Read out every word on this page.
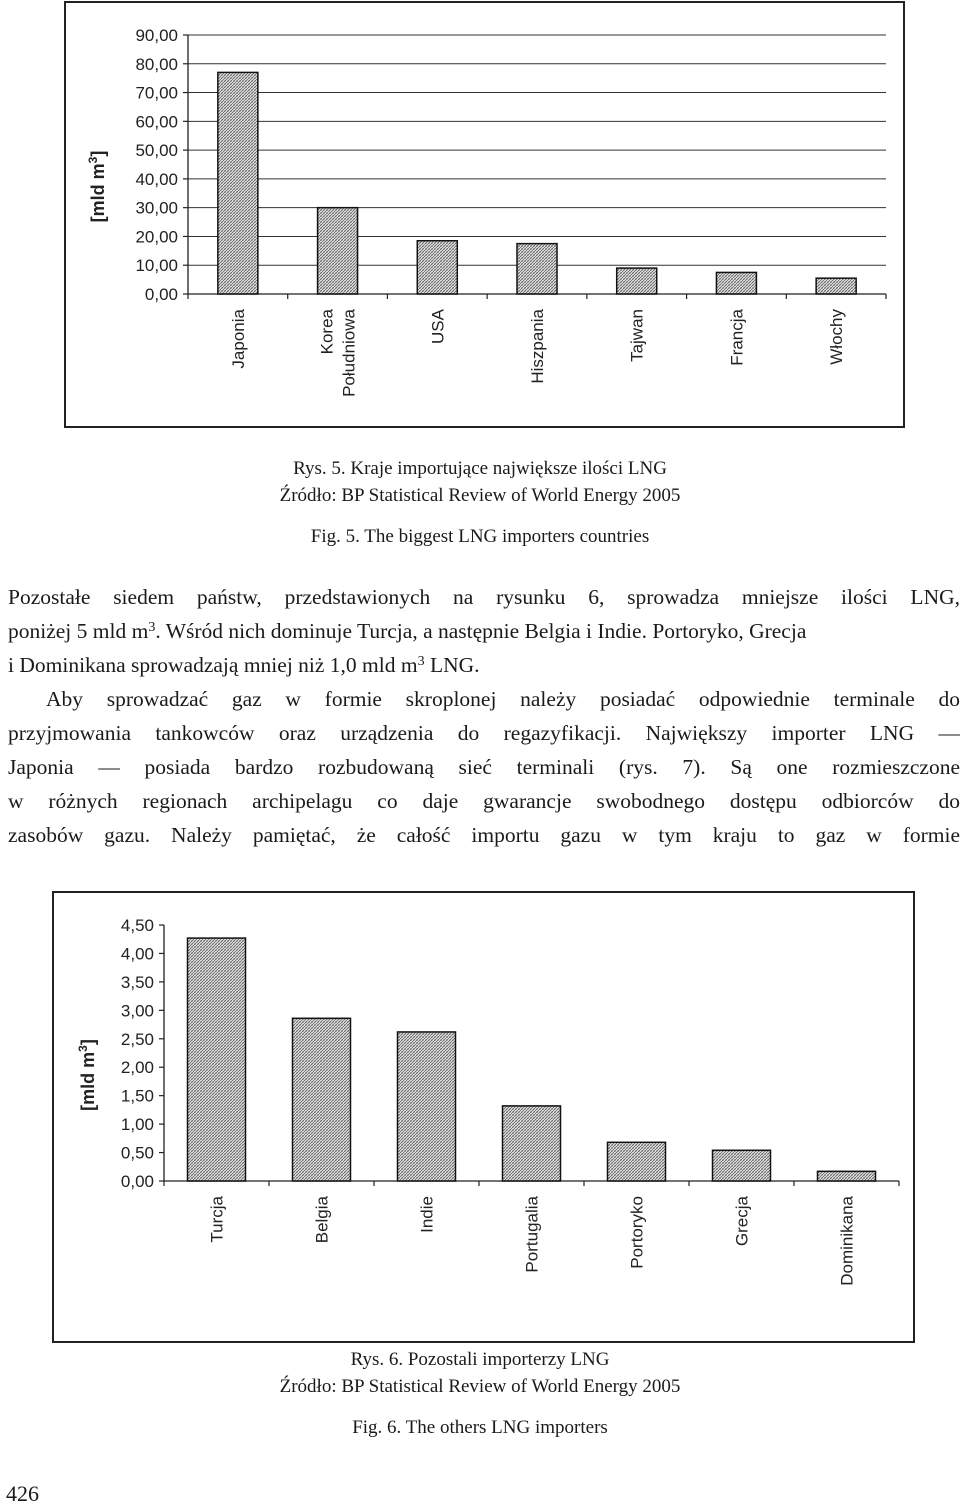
0,00
10,00
20,00
30,00
40,00
50,00
60,00
70,00
80,00
90,00
[mld $m^3$]
Japonia	Korea Południowa	USA	Hiszpania	Tajwan	Francja	Włochy
Rys. 5. Kraje importujące największe ilości LNG
Źródło: BP Statistical Review of World Energy 2005
Fig. 5. The biggest LNG importers countries
Pozostałe siedem państw, przedstawionych na rysunku 6, sprowadza mniejsze ilości LNG,
poniżej 5 mld $m^3$. Wśród nich dominuje Turcja, a następnie Belgia i Indie. Portoryko, Grecja
i Dominikana sprowadzają mniej niż 1,0 mld $m^3$ LNG.
Aby sprowadzać gaz w formie skroplonej należy posiadać odpowiednie terminale do
przyjmowania tankowców oraz urządzenia do regazyfikacji. Największy importer LNG —
Japonia — posiada bardzo rozbudowaną sieć terminali (rys. 7). Są one rozmieszczone
w różnych regionach archipelagu co daje gwarancje swobodnego dostępu odbiorców do
zasobów gazu. Należy pamiętać, że całość importu gazu w tym kraju to gaz w formie
0,00
0,50
1,00
1,50
2,00
2,50
3,00
3,50
4,00
4,50
[mld $m^3$]
Turcja	Belgia	Indie	Portugalia	Portoryko	Grecja	Dominikana
Rys. 6. Pozostali importerzy LNG
Źródło: BP Statistical Review of World Energy 2005
Fig. 6. The others LNG importers
426
